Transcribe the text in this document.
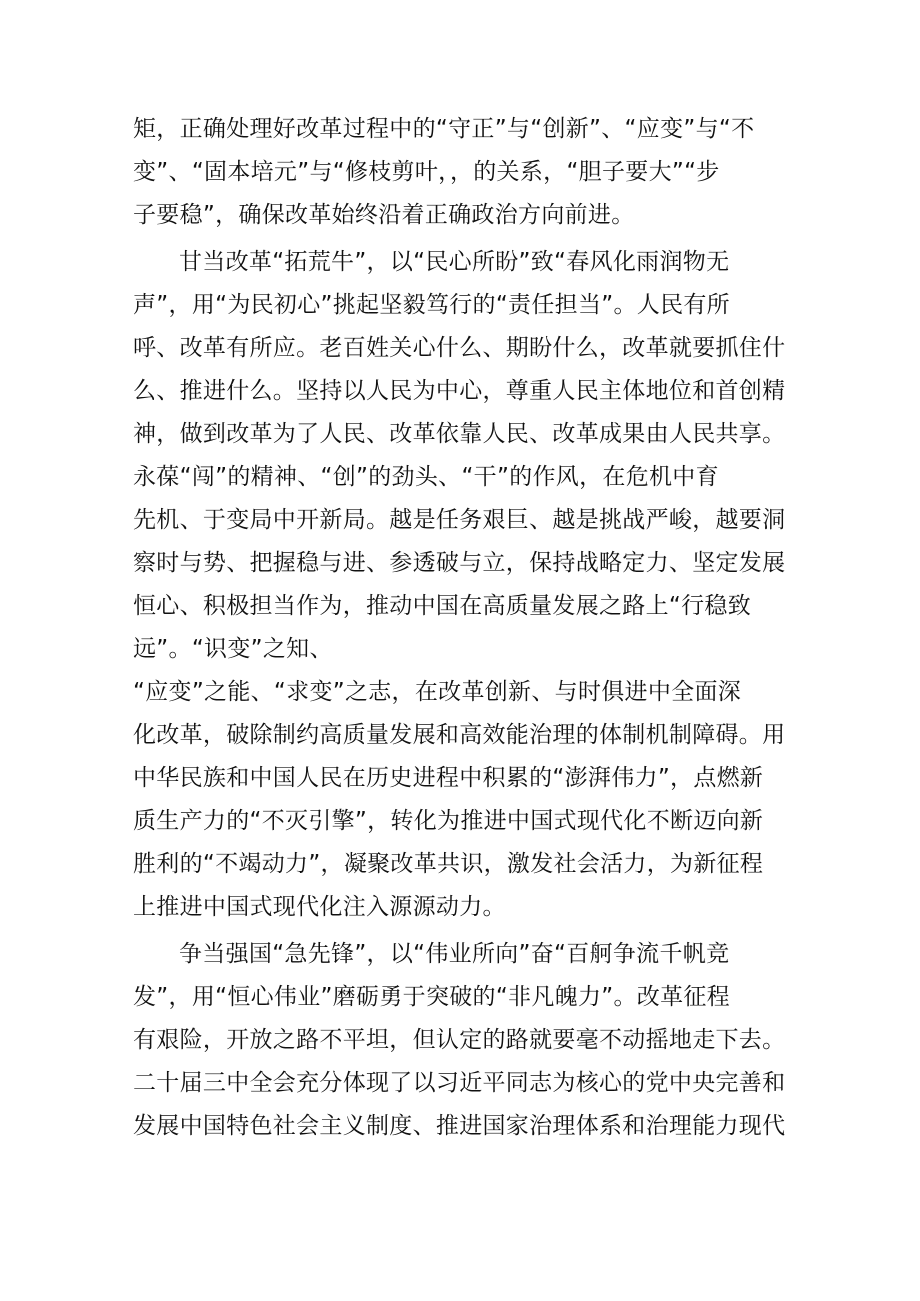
矩，正确处理好改革过程中的“守正”与“创新”、“应变”与“不
变”、“固本培元”与“修枝剪叶，，的关系，“胆子要大”“步
子要稳”，确保改革始终沿着正确政治方向前进。
甘当改革“拓荒牛”，以“民心所盼”致“春风化雨润物无
声”，用“为民初心”挑起坚毅笃行的“责任担当”。人民有所
呼、改革有所应。老百姓关心什么、期盼什么，改革就要抓住什
么、推进什么。坚持以人民为中心，尊重人民主体地位和首创精
神，做到改革为了人民、改革依靠人民、改革成果由人民共享。
永葆“闯”的精神、“创”的劲头、“干”的作风，在危机中育
先机、于变局中开新局。越是任务艰巨、越是挑战严峻，越要洞
察时与势、把握稳与进、参透破与立，保持战略定力、坚定发展
恒心、积极担当作为，推动中国在高质量发展之路上“行稳致
远”。“识变”之知、
“应变”之能、“求变”之志，在改革创新、与时俱进中全面深
化改革，破除制约高质量发展和高效能治理的体制机制障碍。用
中华民族和中国人民在历史进程中积累的“澎湃伟力”，点燃新
质生产力的“不灭引擎”，转化为推进中国式现代化不断迈向新
胜利的“不竭动力”，凝聚改革共识，激发社会活力，为新征程
上推进中国式现代化注入源源动力。
争当强国“急先锋”，以“伟业所向”奋“百舸争流千帆竞
发”，用“恒心伟业”磨砺勇于突破的“非凡魄力”。改革征程
有艰险，开放之路不平坦，但认定的路就要毫不动摇地走下去。
二十届三中全会充分体现了以习近平同志为核心的党中央完善和
发展中国特色社会主义制度、推进国家治理体系和治理能力现代
